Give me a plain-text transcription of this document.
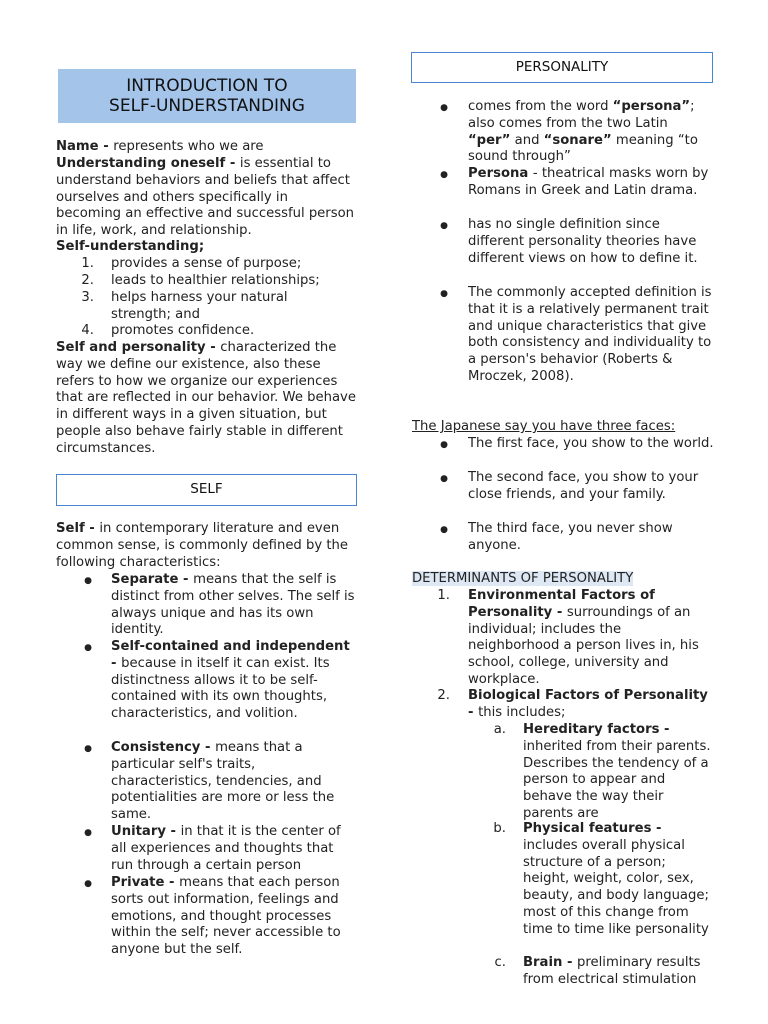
INTRODUCTION TO
SELF-UNDERSTANDING

Name - represents who we are

Understanding oneself - is essential to understand behaviors and beliefs that affect ourselves and others specifically in becoming an effective and successful person in life, work, and relationship.

Self-understanding;

1. provides a sense of purpose;
2. leads to healthier relationships;
3. helps harness your natural strength; and
4. promotes confidence.

Self and personality - characterized the way we define our existence, also these refers to how we organize our experiences that are reflected in our behavior. We behave in different ways in a given situation, but people also behave fairly stable in different circumstances.

Self - in contemporary literature and even common sense, is commonly defined by the following characteristics:

●
Separate - means that the self is distinct from other selves. The self is always unique and has its own identity.
●
Self-contained and independent - because in itself it can exist. Its distinctness allows it to be self-contained with its own thoughts, characteristics, and volition.
●
Consistency - means that a particular self's traits, characteristics, tendencies, and potentialities are more or less the same.
●
Unitary - in that it is the center of all experiences and thoughts that run through a certain person
●
Private - means that each person sorts out information, feelings and emotions, and thought processes within the self; never accessible to anyone but the self.
SELF
PERSONALITY
●
comes from the word “persona”; also comes from the two Latin “per” and “sonare” meaning “to sound through”
●
Persona - theatrical masks worn by Romans in Greek and Latin drama.
●
has no single definition since different personality theories have different views on how to define it.
●
The commonly accepted definition is that it is a relatively permanent trait and unique characteristics that give both consistency and individuality to a person's behavior (Roberts & Mroczek, 2008).

The Japanese say you have three faces:

●
The first face, you show to the world.
●
The second face, you show to your close friends, and your family.
●
The third face, you never show anyone.

DETERMINANTS OF PERSONALITY

1. Environmental Factors of Personality - surroundings of an individual; includes the neighborhood a person lives in, his school, college, university and workplace.
2. Biological Factors of Personality - this includes;
a. Hereditary factors - inherited from their parents. Describes the tendency of a person to appear and behave the way their parents are
b. Physical features - includes overall physical structure of a person; height, weight, color, sex, beauty, and body language; most of this change from time to time like personality
c. Brain - preliminary results from electrical stimulation
